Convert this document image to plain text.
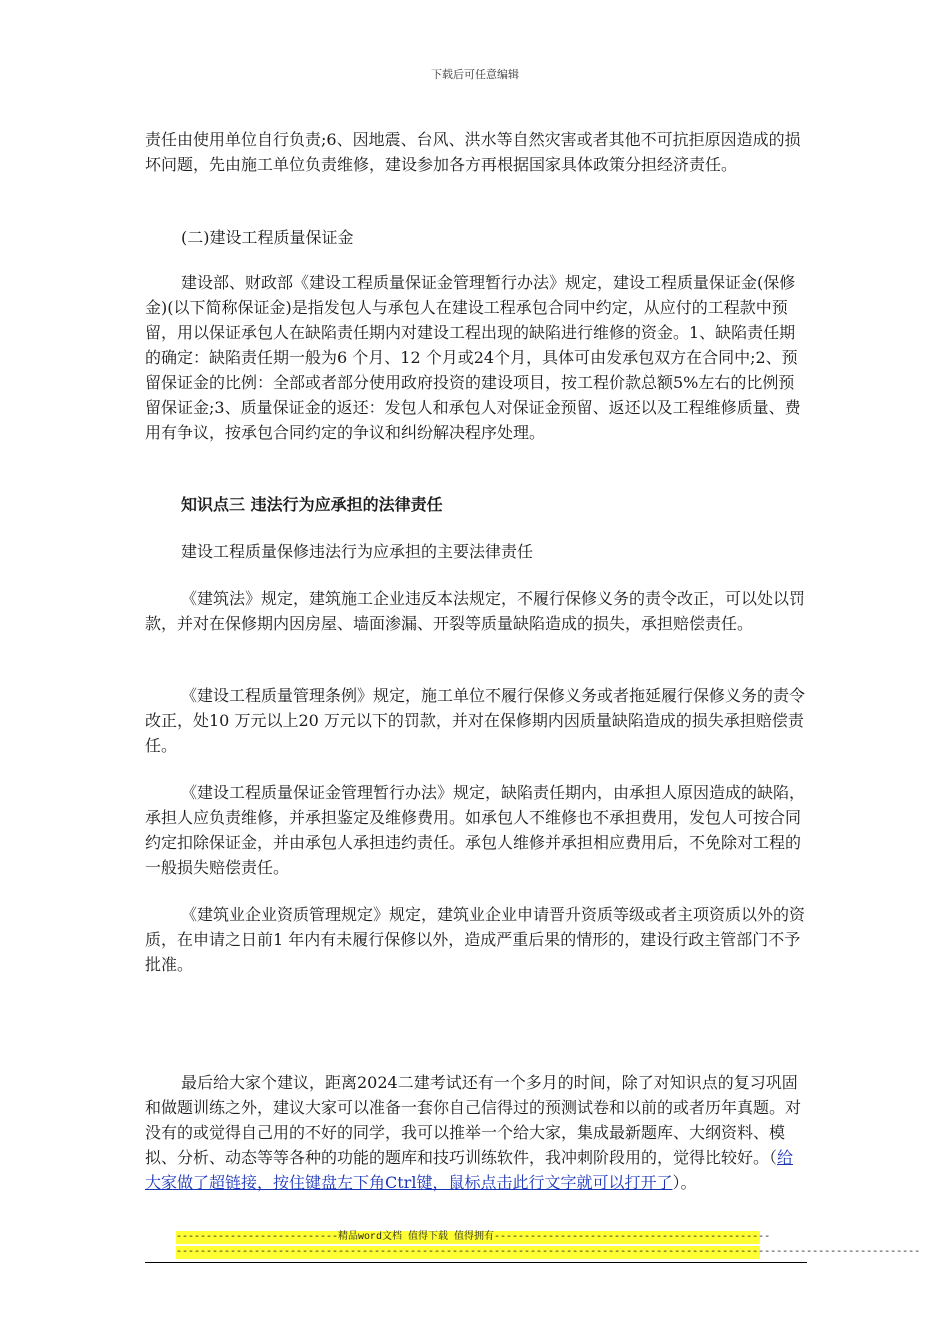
下载后可任意编辑

责任由使用单位自行负责;6、因地震、台风、洪水等自然灾害或者其他不可抗拒原因造成的损坏问题，先由施工单位负责维修，建设参加各方再根据国家具体政策分担经济责任。

(二)建设工程质量保证金

建设部、财政部《建设工程质量保证金管理暂行办法》规定，建设工程质量保证金(保修金)(以下简称保证金)是指发包人与承包人在建设工程承包合同中约定，从应付的工程款中预留，用以保证承包人在缺陷责任期内对建设工程出现的缺陷进行维修的资金。1、缺陷责任期的确定：缺陷责任期一般为6 个月、12 个月或24个月，具体可由发承包双方在合同中;2、预留保证金的比例：全部或者部分使用政府投资的建设项目，按工程价款总额5%左右的比例预留保证金;3、质量保证金的返还：发包人和承包人对保证金预留、返还以及工程维修质量、费用有争议，按承包合同约定的争议和纠纷解决程序处理。

知识点三 违法行为应承担的法律责任

建设工程质量保修违法行为应承担的主要法律责任

《建筑法》规定，建筑施工企业违反本法规定，不履行保修义务的责令改正，可以处以罚款，并对在保修期内因房屋、墙面渗漏、开裂等质量缺陷造成的损失，承担赔偿责任。

《建设工程质量管理条例》规定，施工单位不履行保修义务或者拖延履行保修义务的责令改正，处10 万元以上20 万元以下的罚款，并对在保修期内因质量缺陷造成的损失承担赔偿责任。

《建设工程质量保证金管理暂行办法》规定，缺陷责任期内，由承担人原因造成的缺陷，承担人应负责维修，并承担鉴定及维修费用。如承包人不维修也不承担费用，发包人可按合同约定扣除保证金，并由承包人承担违约责任。承包人维修并承担相应费用后，不免除对工程的一般损失赔偿责任。

《建筑业企业资质管理规定》规定，建筑业企业申请晋升资质等级或者主项资质以外的资质，在申请之日前1 年内有未履行保修以外，造成严重后果的情形的，建设行政主管部门不予批准。

最后给大家个建议，距离2024二建考试还有一个多月的时间，除了对知识点的复习巩固和做题训练之外，建议大家可以准备一套你自己信得过的预测试卷和以前的或者历年真题。对没有的或觉得自己用的不好的同学，我可以推举一个给大家，集成最新题库、大纲资料、模拟、分析、动态等等各种的功能的题库和技巧训练软件，我冲刺阶段用的，觉得比较好。（给大家做了超链接，按住键盘左下角Ctrl键，鼠标点击此行文字就可以打开了）。

---------------------------精品word文档 值得下载 值得拥有----------------------------------------------
----------------------------------------------------------------------------------------------------------------------------
